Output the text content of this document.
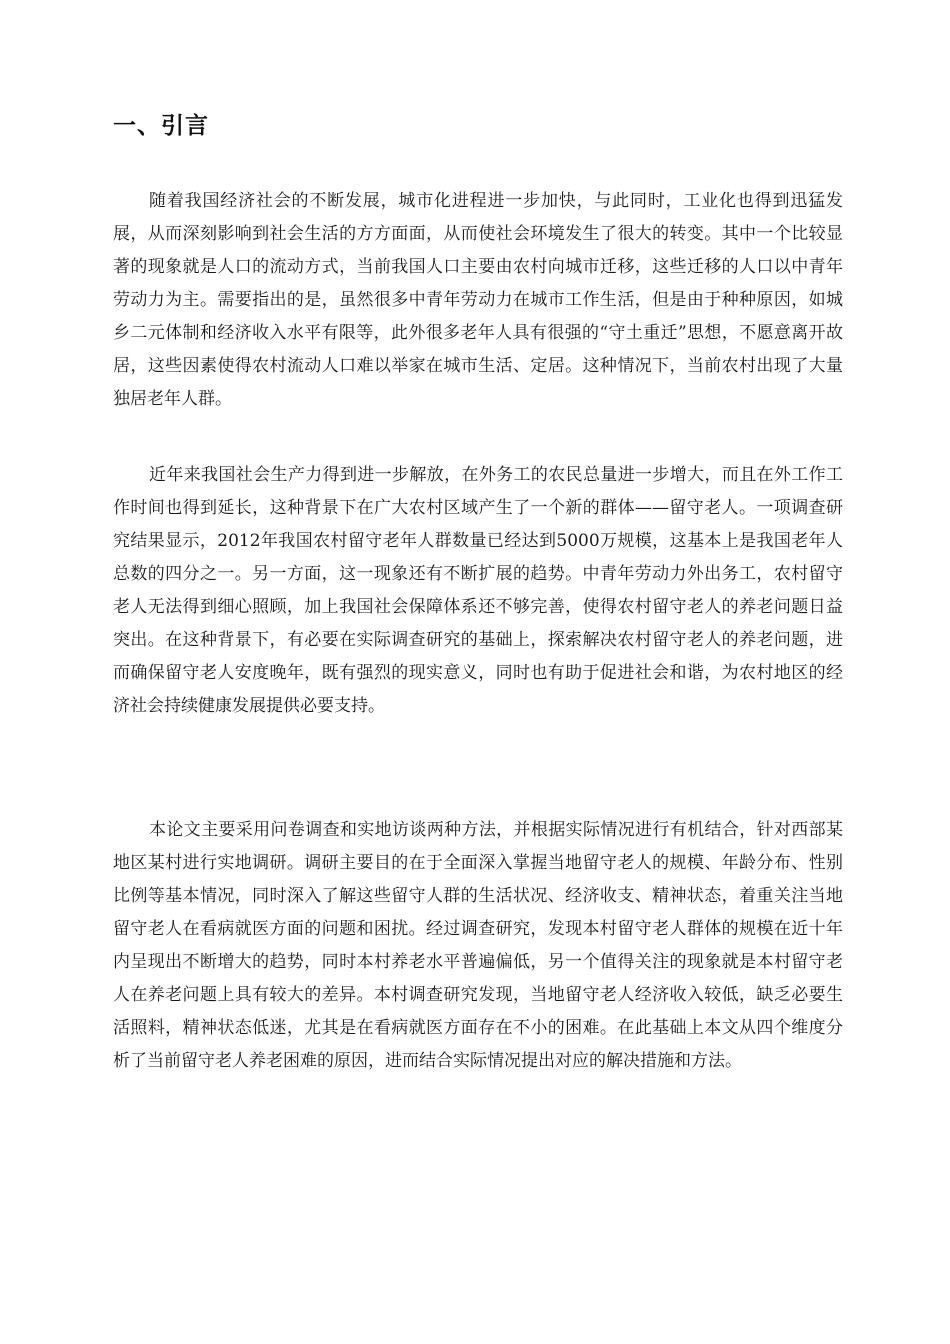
一、引言

随着我国经济社会的不断发展，城市化进程进一步加快，与此同时，工业化也得到迅猛发展，从而深刻影响到社会生活的方方面面，从而使社会环境发生了很大的转变。其中一个比较显著的现象就是人口的流动方式，当前我国人口主要由农村向城市迁移，这些迁移的人口以中青年劳动力为主。需要指出的是，虽然很多中青年劳动力在城市工作生活，但是由于种种原因，如城乡二元体制和经济收入水平有限等，此外很多老年人具有很强的“守土重迁”思想，不愿意离开故居，这些因素使得农村流动人口难以举家在城市生活、定居。这种情况下，当前农村出现了大量独居老年人群。

近年来我国社会生产力得到进一步解放，在外务工的农民总量进一步增大，而且在外工作工作时间也得到延长，这种背景下在广大农村区域产生了一个新的群体——留守老人。一项调查研究结果显示，2012年我国农村留守老年人群数量已经达到5000万规模，这基本上是我国老年人总数的四分之一。另一方面，这一现象还有不断扩展的趋势。中青年劳动力外出务工，农村留守老人无法得到细心照顾，加上我国社会保障体系还不够完善，使得农村留守老人的养老问题日益突出。在这种背景下，有必要在实际调查研究的基础上，探索解决农村留守老人的养老问题，进而确保留守老人安度晚年，既有强烈的现实意义，同时也有助于促进社会和谐，为农村地区的经济社会持续健康发展提供必要支持。

本论文主要采用问卷调查和实地访谈两种方法，并根据实际情况进行有机结合，针对西部某地区某村进行实地调研。调研主要目的在于全面深入掌握当地留守老人的规模、年龄分布、性别比例等基本情况，同时深入了解这些留守人群的生活状况、经济收支、精神状态，着重关注当地留守老人在看病就医方面的问题和困扰。经过调查研究，发现本村留守老人群体的规模在近十年内呈现出不断增大的趋势，同时本村养老水平普遍偏低，另一个值得关注的现象就是本村留守老人在养老问题上具有较大的差异。本村调查研究发现，当地留守老人经济收入较低，缺乏必要生活照料，精神状态低迷，尤其是在看病就医方面存在不小的困难。在此基础上本文从四个维度分析了当前留守老人养老困难的原因，进而结合实际情况提出对应的解决措施和方法。
